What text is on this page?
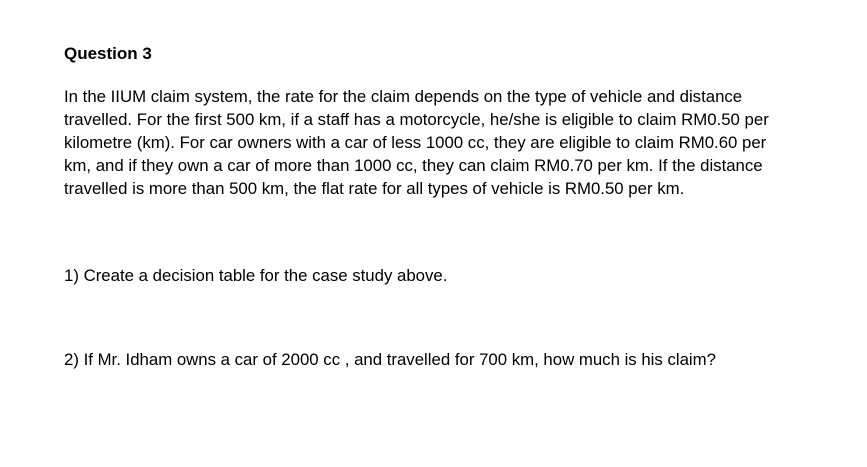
Question 3

In the IIUM claim system, the rate for the claim depends on the type of vehicle and distance
travelled. For the first 500 km, if a staff has a motorcycle, he/she is eligible to claim RM0.50 per
kilometre (km). For car owners with a car of less 1000 cc, they are eligible to claim RM0.60 per
km, and if they own a car of more than 1000 cc, they can claim RM0.70 per km. If the distance
travelled is more than 500 km, the flat rate for all types of vehicle is RM0.50 per km.

1) Create a decision table for the case study above.

2) If Mr. Idham owns a car of 2000 cc , and travelled for 700 km, how much is his claim?
